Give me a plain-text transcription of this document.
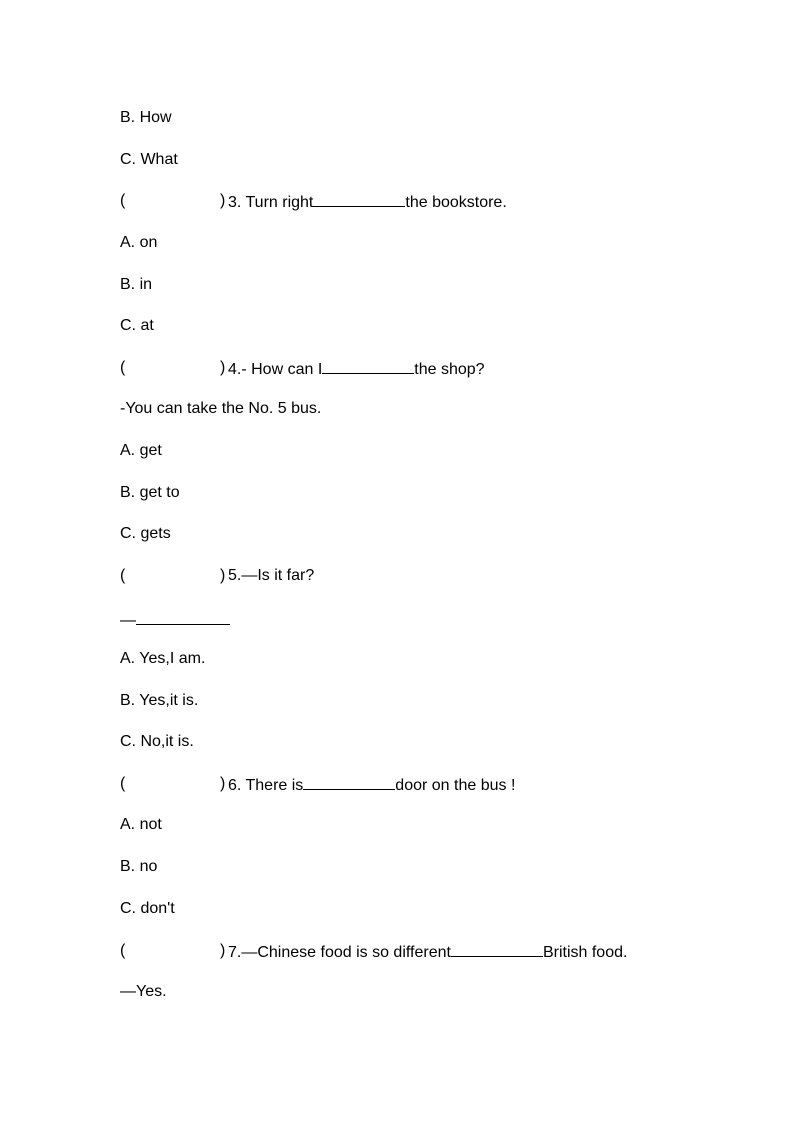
B. How
C. What
(	) 3. Turn right	the bookstore.
A. on
B. in
C. at
(	) 4.- How can I	the shop?
-You can take the No. 5 bus.
A. get
B. get to
C. gets
(	) 5.—Is it far?
—
A. Yes,I am.
B. Yes,it is.
C. No,it is.
(	) 6. There is	door on the bus !
A. not
B. no
C. don't
(	) 7.—Chinese food is so different	British food.
—Yes.
